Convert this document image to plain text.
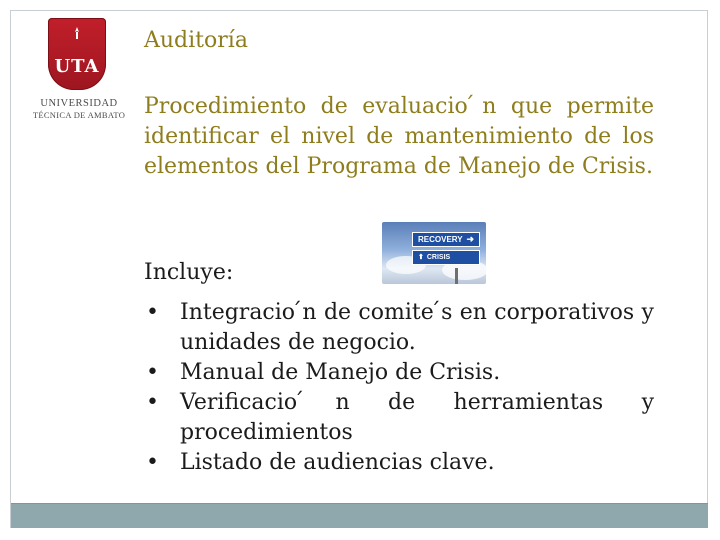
UTA
UNIVERSIDAD
TÉCNICA DE AMBATO
Auditoría
Procedimiento de evaluacio ́n que permite identificar el nivel de mantenimiento de los elementos del Programa de Manejo de Crisis.
RECOVERY ➜
⬆ CRISIS
Incluye:
• Integracio ́n de comite ́s en corporativos y unidades de negocio.
• Manual de Manejo de Crisis.
• Verificacio ́n de herramientas y procedimientos
• Listado de audiencias clave.
